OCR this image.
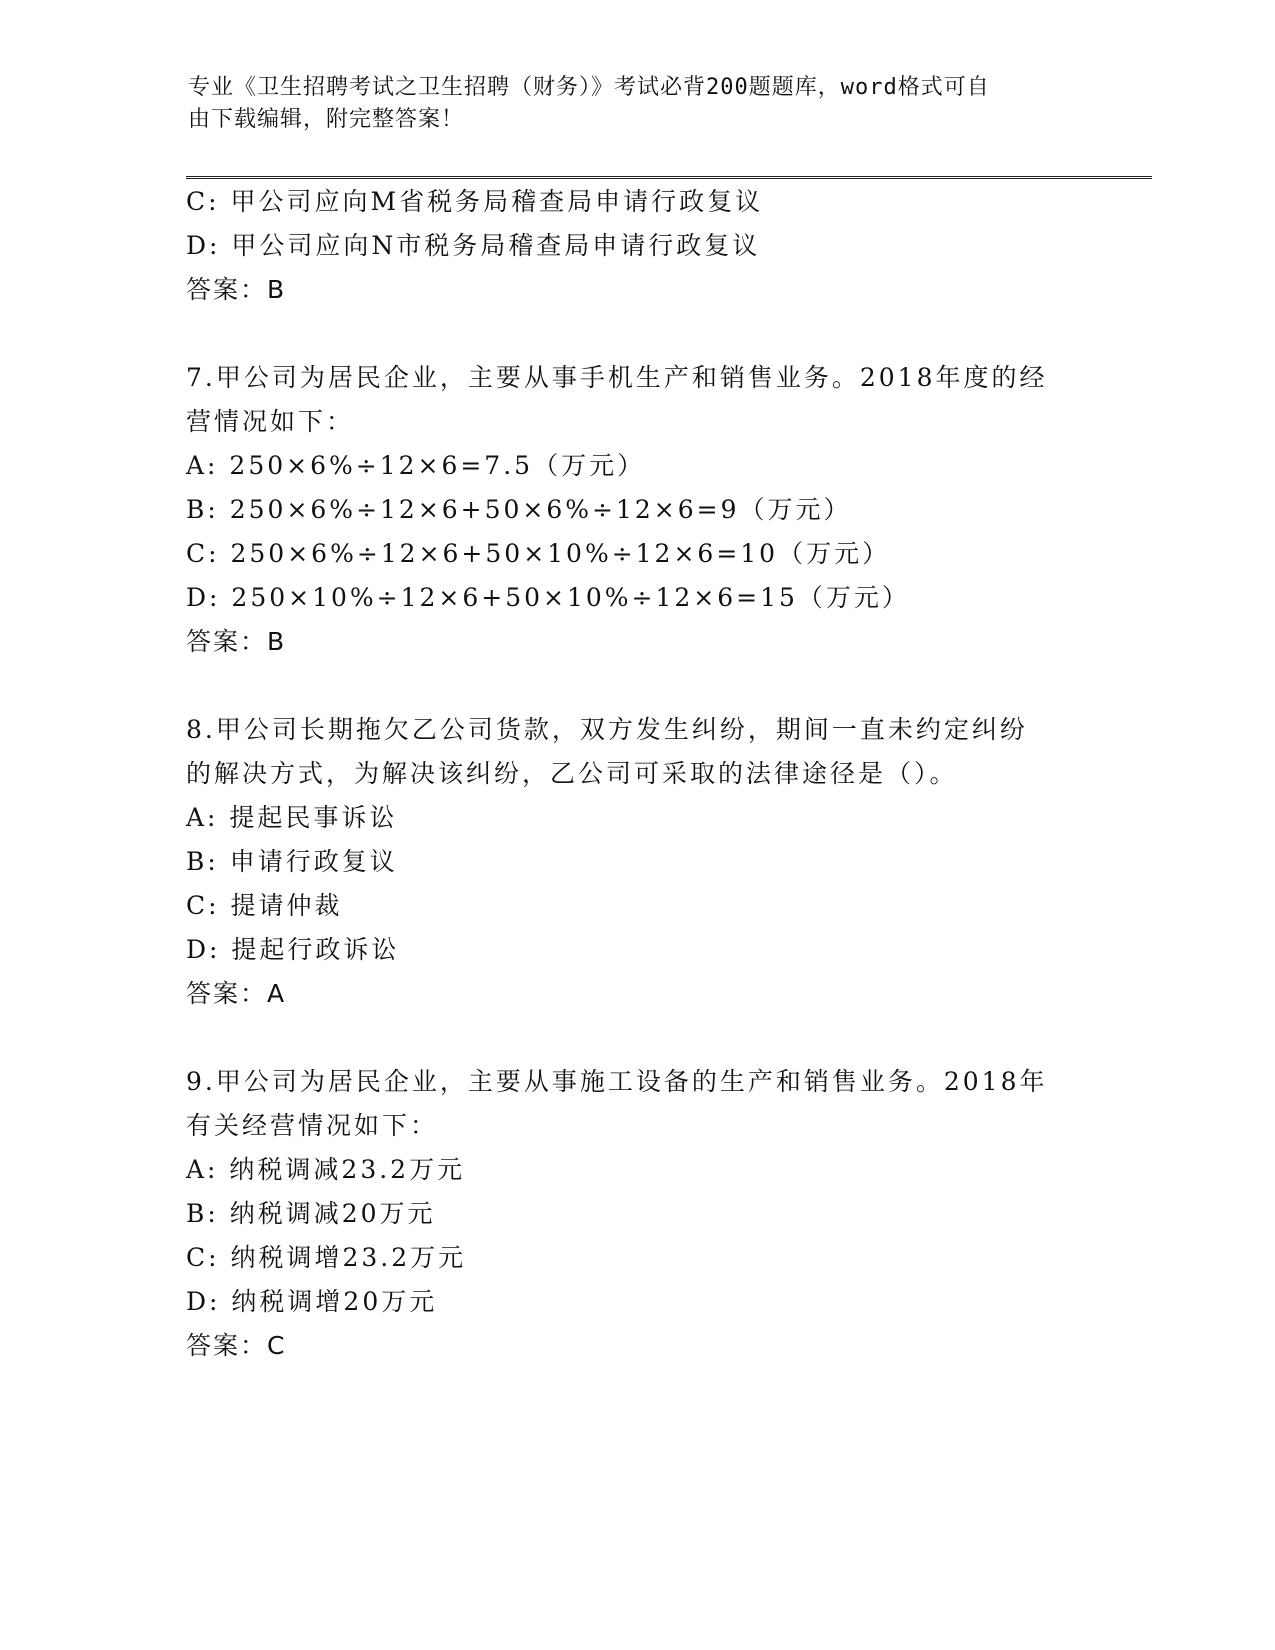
专业《卫生招聘考试之卫生招聘（财务）》考试必背200题题库，word格式可自
由下载编辑，附完整答案！
C: 甲公司应向M省税务局稽查局申请行政复议
D: 甲公司应向N市税务局稽查局申请行政复议
答案：B
7.甲公司为居民企业，主要从事手机生产和销售业务。2018年度的经
营情况如下：
A: 250×6%÷12×6=7.5（万元）
B: 250×6%÷12×6+50×6%÷12×6=9（万元）
C: 250×6%÷12×6+50×10%÷12×6=10（万元）
D: 250×10%÷12×6+50×10%÷12×6=15（万元）
答案：B
8.甲公司长期拖欠乙公司货款，双方发生纠纷，期间一直未约定纠纷
的解决方式，为解决该纠纷，乙公司可采取的法律途径是（）。
A: 提起民事诉讼
B: 申请行政复议
C: 提请仲裁
D: 提起行政诉讼
答案：A
9.甲公司为居民企业，主要从事施工设备的生产和销售业务。2018年
有关经营情况如下：
A: 纳税调减23.2万元
B: 纳税调减20万元
C: 纳税调增23.2万元
D: 纳税调增20万元
答案：C
